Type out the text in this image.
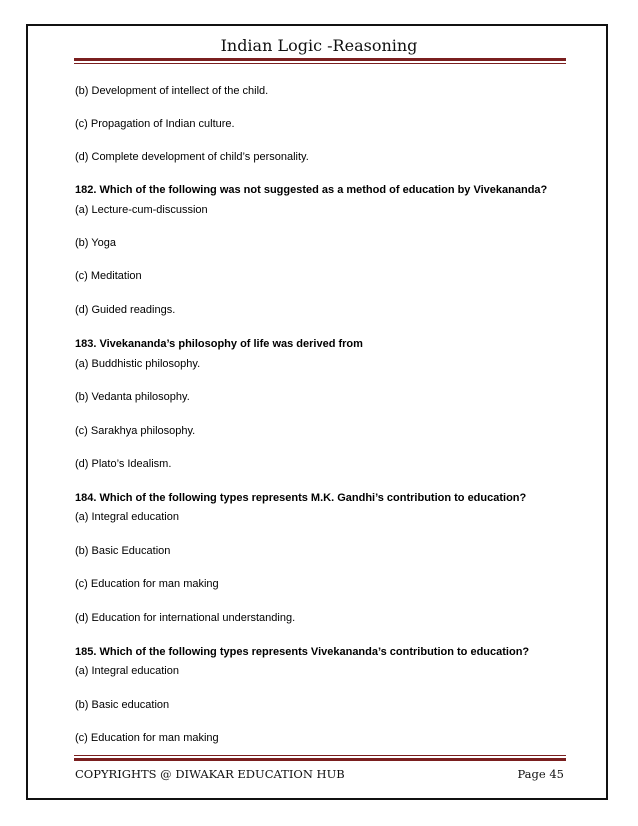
Indian Logic -Reasoning
(b) Development of intellect of the child.
(c) Propagation of Indian culture.
(d) Complete development of child’s personality.
182. Which of the following was not suggested as a method of education by Vivekananda?
(a) Lecture-cum-discussion
(b) Yoga
(c) Meditation
(d) Guided readings.
183. Vivekananda’s philosophy of life was derived from
(a) Buddhistic philosophy.
(b) Vedanta philosophy.
(c) Sarakhya philosophy.
(d) Plato’s Idealism.
184. Which of the following types represents M.K. Gandhi’s contribution to education?
(a) Integral education
(b) Basic Education
(c) Education for man making
(d) Education for international understanding.
185. Which of the following types represents Vivekananda’s contribution to education?
(a) Integral education
(b) Basic education
(c) Education for man making
COPYRIGHTS @ DIWAKAR EDUCATION HUB	Page 45
